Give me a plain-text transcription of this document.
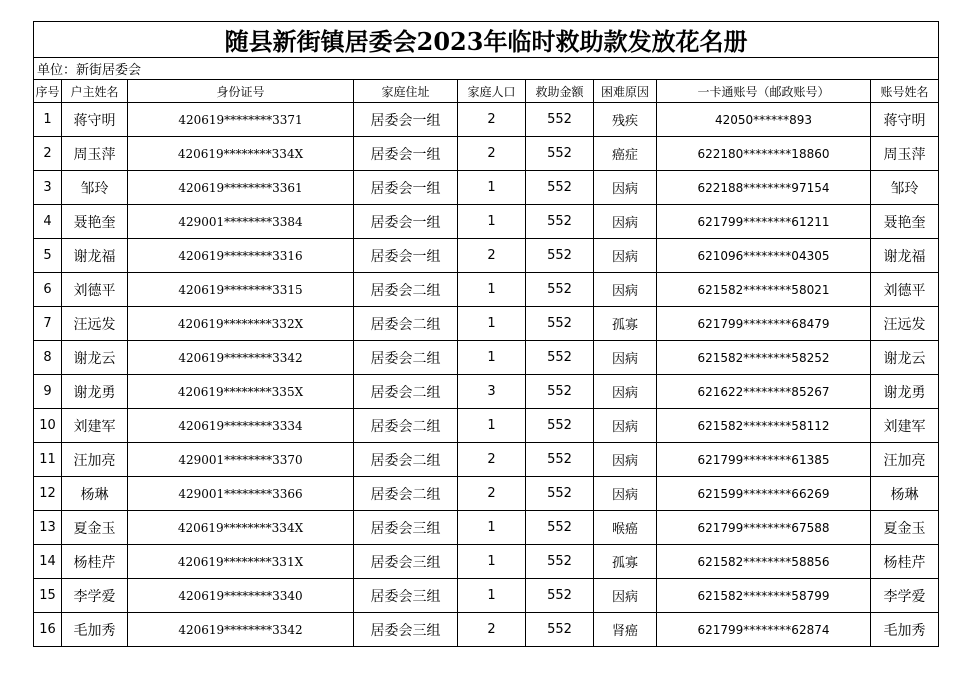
随县新街镇居委会2023年临时救助款发放花名册								
单位：新街居委会								
序号	户主姓名	身份证号	家庭住址	家庭人口	救助金额	困难原因	一卡通账号（邮政账号）	账号姓名
1	蒋守明	420619********3371	居委会一组	2	552	残疾	42050******893	蒋守明
2	周玉萍	420619********334X	居委会一组	2	552	癌症	622180********18860	周玉萍
3	邹玲	420619********3361	居委会一组	1	552	因病	622188********97154	邹玲
4	聂艳奎	429001********3384	居委会一组	1	552	因病	621799********61211	聂艳奎
5	谢龙福	420619********3316	居委会一组	2	552	因病	621096********04305	谢龙福
6	刘德平	420619********3315	居委会二组	1	552	因病	621582********58021	刘德平
7	汪远发	420619********332X	居委会二组	1	552	孤寡	621799********68479	汪远发
8	谢龙云	420619********3342	居委会二组	1	552	因病	621582********58252	谢龙云
9	谢龙勇	420619********335X	居委会二组	3	552	因病	621622********85267	谢龙勇
10	刘建军	420619********3334	居委会二组	1	552	因病	621582********58112	刘建军
11	汪加亮	429001********3370	居委会二组	2	552	因病	621799********61385	汪加亮
12	杨琳	429001********3366	居委会二组	2	552	因病	621599********66269	杨琳
13	夏金玉	420619********334X	居委会三组	1	552	喉癌	621799********67588	夏金玉
14	杨桂芹	420619********331X	居委会三组	1	552	孤寡	621582********58856	杨桂芹
15	李学爱	420619********3340	居委会三组	1	552	因病	621582********58799	李学爱
16	毛加秀	420619********3342	居委会三组	2	552	肾癌	621799********62874	毛加秀
